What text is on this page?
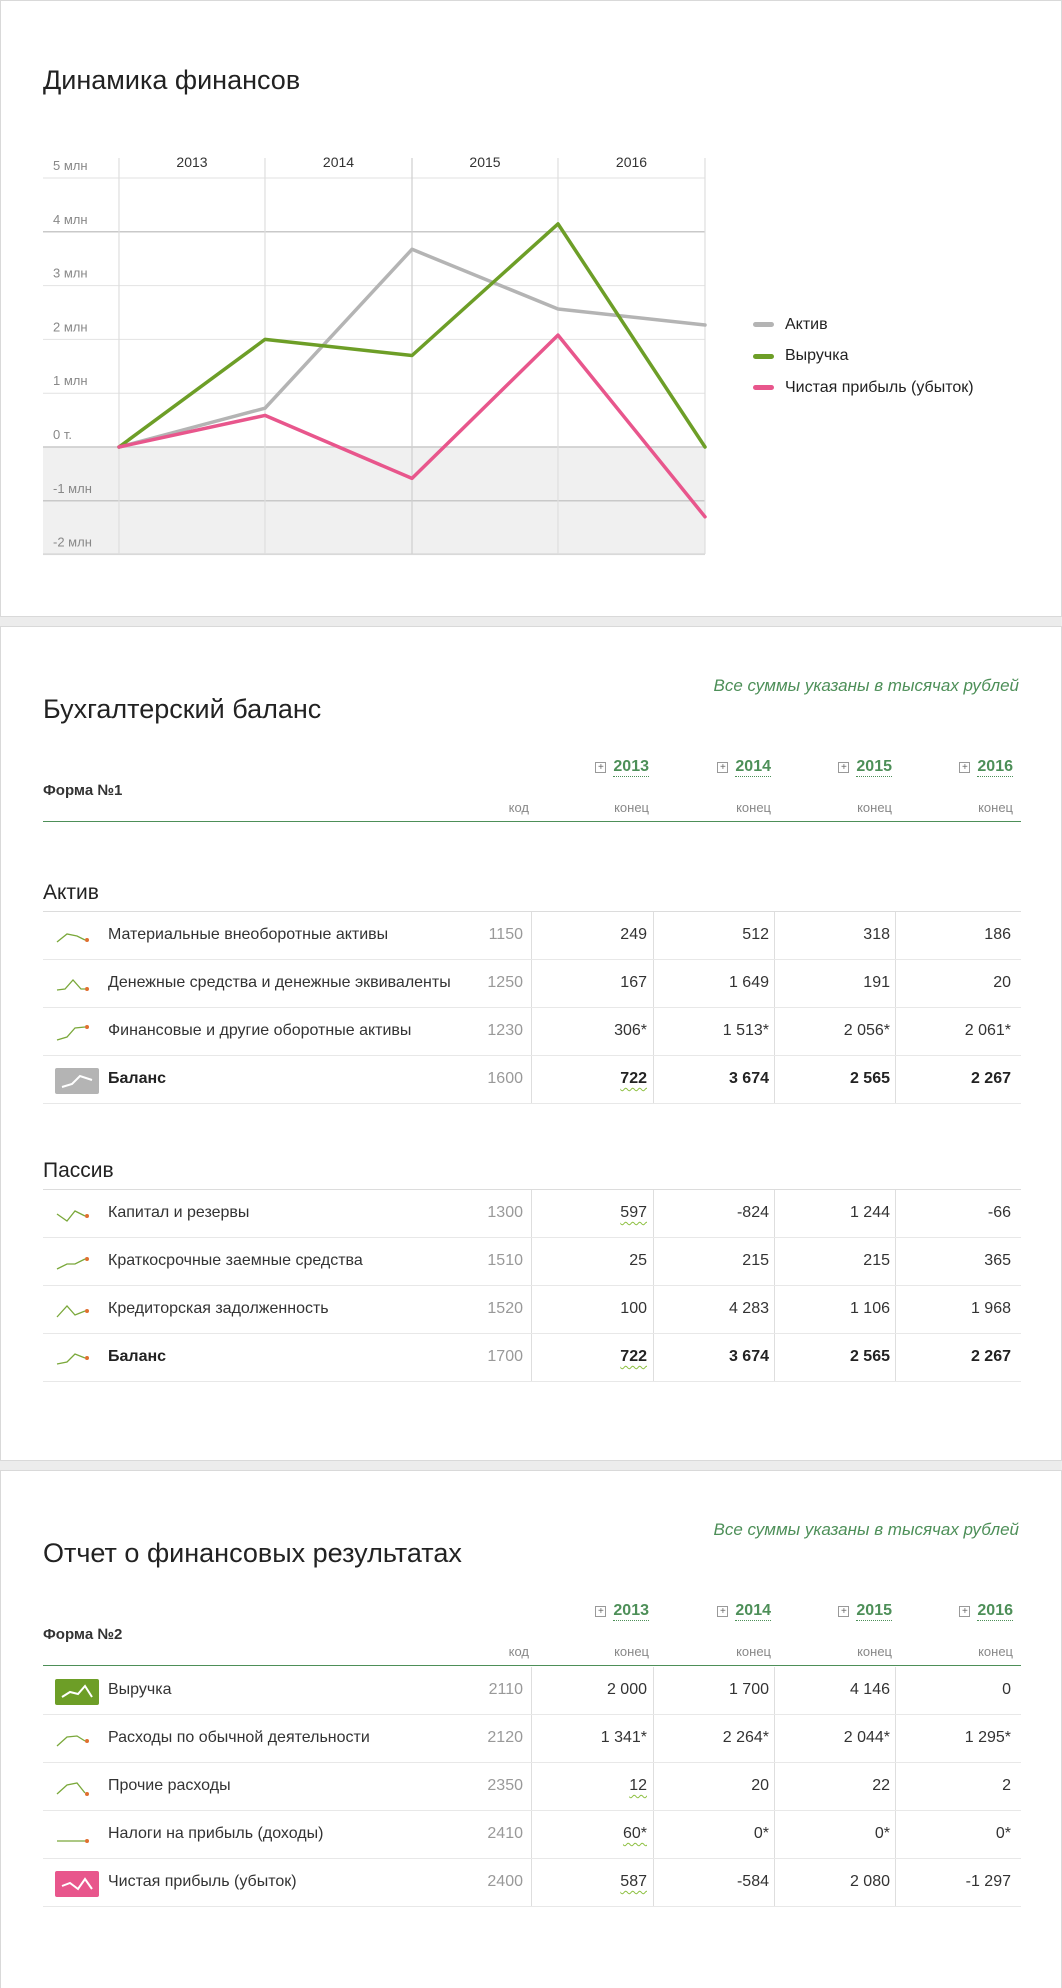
Динамика финансов
5 млн
4 млн
3 млн
2 млн
1 млн
0 т.
-1 млн
-2 млн
2013	2014	2015	2016
Актив
Выручка
Чистая прибыль (убыток)
Все суммы указаны в тысячах рублей
Бухгалтерский баланс
Форма №1
код	конец	конец	конец	конец
+ 2013	+ 2014	+ 2015	+ 2016
Актив
Материальные внеоборотные активы	1150	249	512	318	186
Денежные средства и денежные эквиваленты 1250	167	1 649	191	20
Финансовые и другие оборотные активы	1230	306*	1 513*	2 056*	2 061*
Баланс	1600	722	3 674	2 565	2 267
Пассив
Капитал и резервы	1300	597	-824	1 244	-66
Краткосрочные заемные средства	1510	25	215	215	365
Кредиторская задолженность	1520	100	4 283	1 106	1 968
Баланс	1700	722	3 674	2 565	2 267
Все суммы указаны в тысячах рублей
Отчет о финансовых результатах
Форма №2
код	конец	конец	конец	конец
+ 2013	+ 2014	+ 2015	+ 2016
Выручка	2110	2 000	1 700	4 146	0
Расходы по обычной деятельности	2120	1 341*	2 264*	2 044*	1 295*
Прочие расходы	2350	12	20	22	2
Налоги на прибыль (доходы)	2410	60*	0*	0*	0*
Чистая прибыль (убыток)	2400	587	-584	2 080	-1 297
